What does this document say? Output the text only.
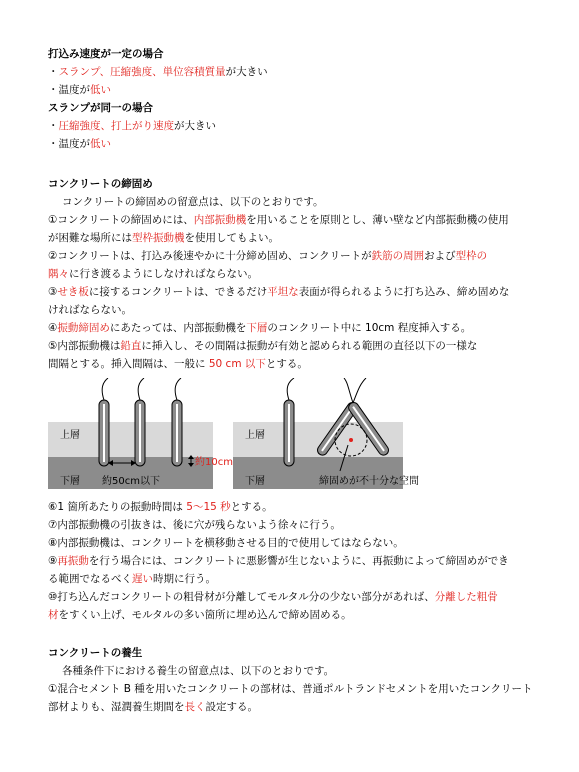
打込み速度が一定の場合
・スランプ、圧縮強度、単位容積質量が大きい
・温度が低い
スランプが同一の場合
・圧縮強度、打上がり速度が大きい
・温度が低い
コンクリートの締固め
コンクリートの締固めの留意点は、以下のとおりです。
①コンクリートの締固めには、内部振動機を用いることを原則とし、薄い壁など内部振動機の使用
が困難な場所には型枠振動機を使用してもよい。
②コンクリートは、打込み後速やかに十分締め固め、コンクリートが鉄筋の周囲および型枠の
隅々に行き渡るようにしなければならない。
③せき板に接するコンクリートは、できるだけ平坦な表面が得られるように打ち込み、締め固めな
ければならない。
④振動締固めにあたっては、内部振動機を下層のコンクリート中に 10cm 程度挿入する。
⑤内部振動機は鉛直に挿入し、その間隔は振動が有効と認められる範囲の直径以下の一様な
間隔とする。挿入間隔は、一般に 50 cm 以下とする。
上層
下層 約50cm以下
約10cm
上層
下層	締固めが不十分な空間
⑥1 箇所あたりの振動時間は 5～15 秒とする。
⑦内部振動機の引抜きは、後に穴が残らないよう徐々に行う。
⑧内部振動機は、コンクリートを横移動させる目的で使用してはならない。
⑨再振動を行う場合には、コンクリートに悪影響が生じないように、再振動によって締固めができ
る範囲でなるべく遅い時期に行う。
⑩打ち込んだコンクリートの粗骨材が分離してモルタル分の少ない部分があれば、分離した粗骨
材をすくい上げ、モルタルの多い箇所に埋め込んで締め固める。
コンクリートの養生
各種条件下における養生の留意点は、以下のとおりです。
①混合セメント B 種を用いたコンクリートの部材は、普通ポルトランドセメントを用いたコンクリート
部材よりも、湿潤養生期間を長く設定する。
